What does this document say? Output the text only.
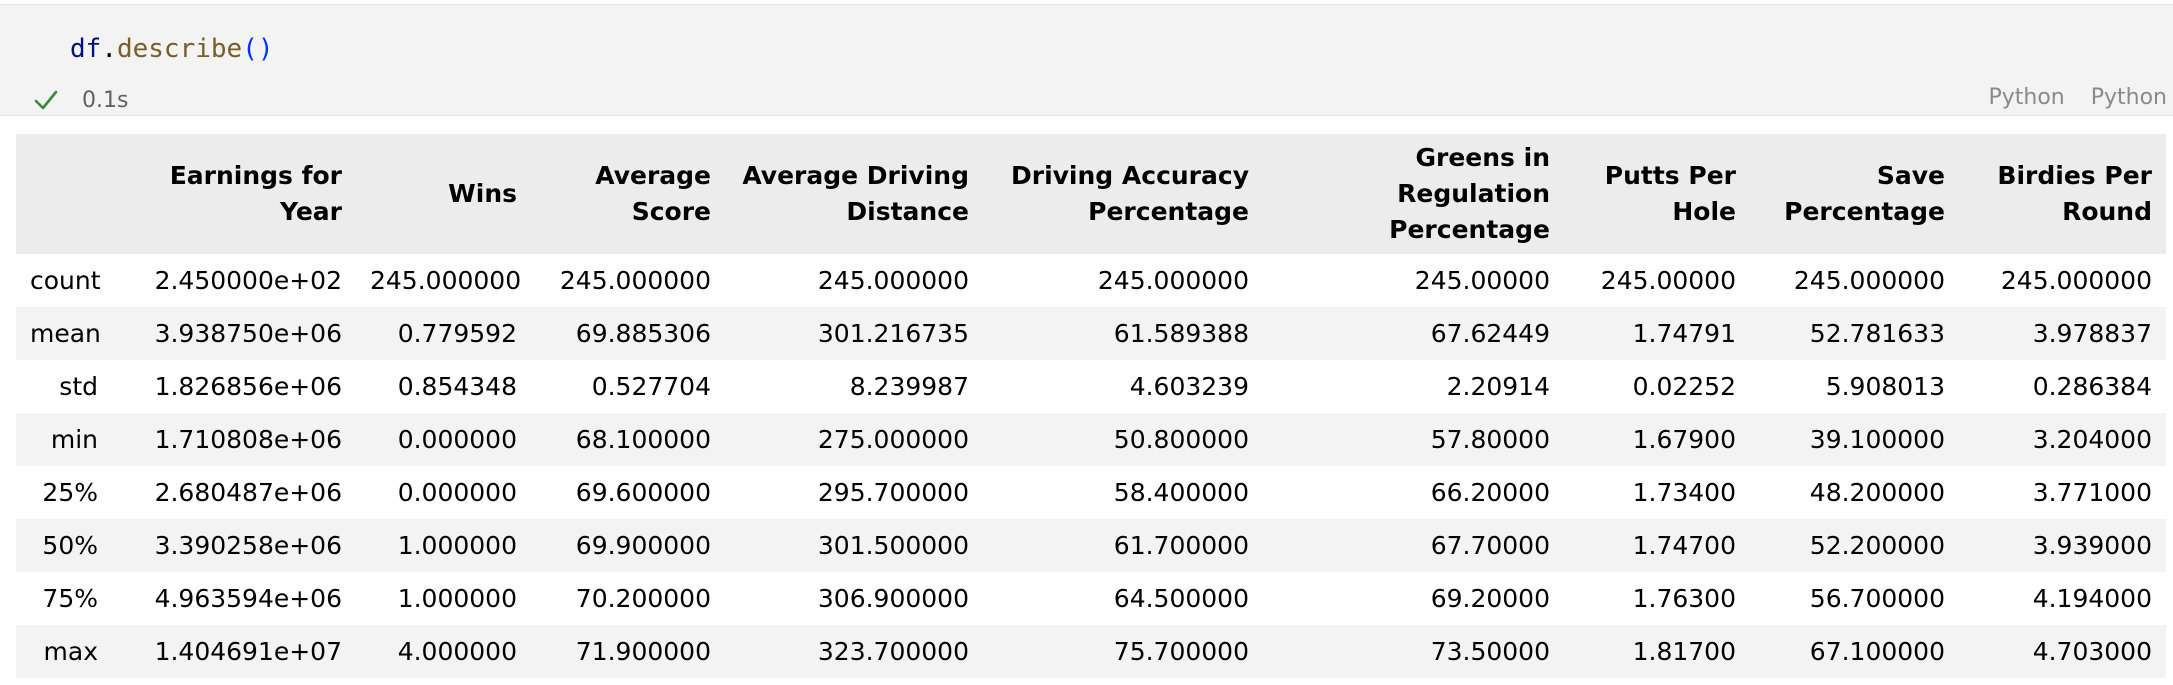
df.describe()
0.1s	Python Python
	Earnings for Year	Wins	Average Score	Average Driving Distance	Driving Accuracy Percentage	Greens in Regulation Percentage	Putts Per Hole	Save Percentage	Birdies Per Round
count	2.450000e+02	245.000000	245.000000	245.000000	245.000000	245.00000	245.00000	245.000000	245.000000
mean	3.938750e+06	0.779592	69.885306	301.216735	61.589388	67.62449	1.74791	52.781633	3.978837
std	1.826856e+06	0.854348	0.527704	8.239987	4.603239	2.20914	0.02252	5.908013	0.286384
min	1.710808e+06	0.000000	68.100000	275.000000	50.800000	57.80000	1.67900	39.100000	3.204000
25%	2.680487e+06	0.000000	69.600000	295.700000	58.400000	66.20000	1.73400	48.200000	3.771000
50%	3.390258e+06	1.000000	69.900000	301.500000	61.700000	67.70000	1.74700	52.200000	3.939000
75%	4.963594e+06	1.000000	70.200000	306.900000	64.500000	69.20000	1.76300	56.700000	4.194000
max	1.404691e+07	4.000000	71.900000	323.700000	75.700000	73.50000	1.81700	67.100000	4.703000
